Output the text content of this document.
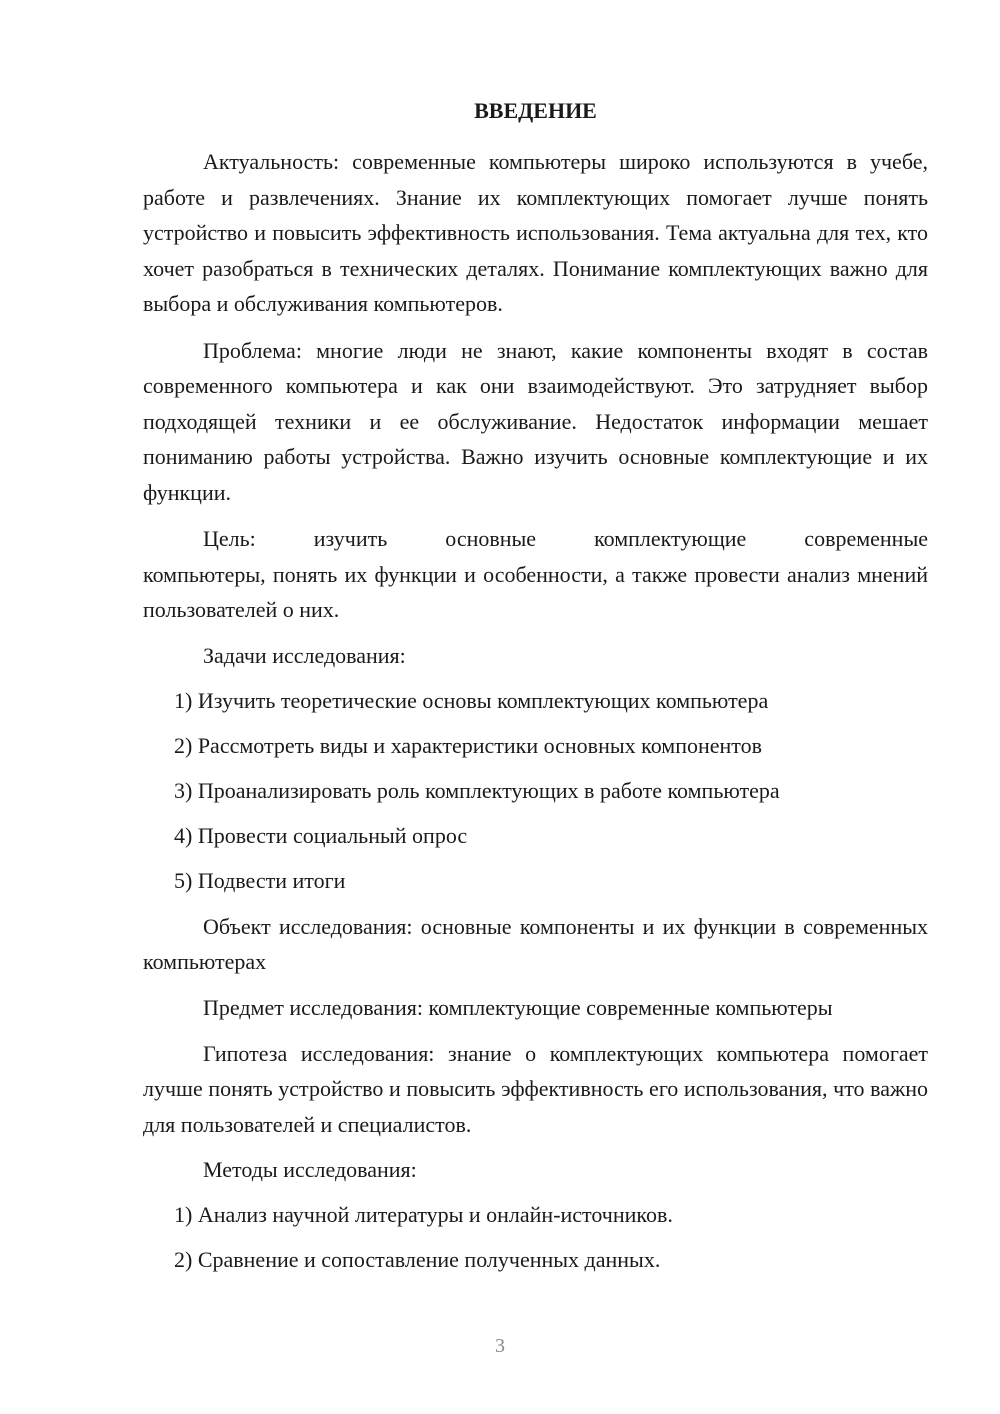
ВВЕДЕНИЕ

Актуальность: современные компьютеры широко используются в учебе, работе и развлечениях. Знание их комплектующих помогает лучше понять устройство и повысить эффективность использования. Тема актуальна для тех, кто хочет разобраться в технических деталях. Понимание комплектующих важно для выбора и обслуживания компьютеров.

Проблема: многие люди не знают, какие компоненты входят в состав современного компьютера и как они взаимодействуют. Это затрудняет выбор подходящей техники и ее обслуживание. Недостаток информации мешает пониманию работы устройства. Важно изучить основные комплектующие и их функции.

Цель: изучить основные комплектующие современные

компьютеры, понять их функции и особенности, а также провести анализ мнений пользователей о них.

Задачи исследования:
1) Изучить теоретические основы комплектующих компьютера
2) Рассмотреть виды и характеристики основных компонентов
3) Проанализировать роль комплектующих в работе компьютера
4) Провести социальный опрос
5) Подвести итоги

Объект исследования: основные компоненты и их функции в современных компьютерах

Предмет исследования: комплектующие современные компьютеры

Гипотеза исследования: знание о комплектующих компьютера помогает лучше понять устройство и повысить эффективность его использования, что важно для пользователей и специалистов.

Методы исследования:
1) Анализ научной литературы и онлайн-источников.
2) Сравнение и сопоставление полученных данных.
3
